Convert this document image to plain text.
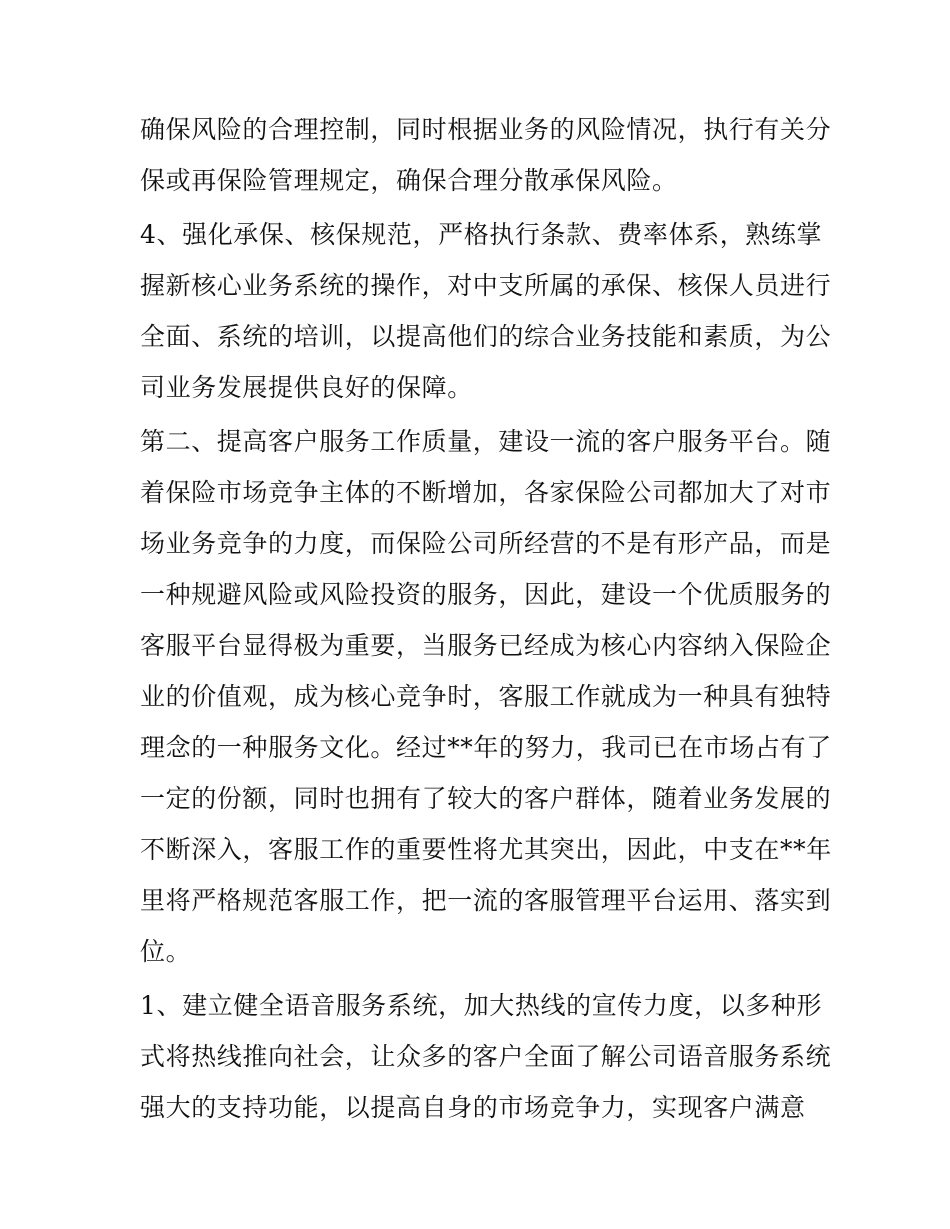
确保风险的合理控制，同时根据业务的风险情况，执行有关分
保或再保险管理规定，确保合理分散承保风险。
4、强化承保、核保规范，严格执行条款、费率体系，熟练掌
握新核心业务系统的操作，对中支所属的承保、核保人员进行
全面、系统的培训，以提高他们的综合业务技能和素质，为公
司业务发展提供良好的保障。
第二、提高客户服务工作质量，建设一流的客户服务平台。随
着保险市场竞争主体的不断增加，各家保险公司都加大了对市
场业务竞争的力度，而保险公司所经营的不是有形产品，而是
一种规避风险或风险投资的服务，因此，建设一个优质服务的
客服平台显得极为重要，当服务已经成为核心内容纳入保险企
业的价值观，成为核心竞争时，客服工作就成为一种具有独特
理念的一种服务文化。经过**年的努力，我司已在市场占有了
一定的份额，同时也拥有了较大的客户群体，随着业务发展的
不断深入，客服工作的重要性将尤其突出，因此，中支在**年
里将严格规范客服工作，把一流的客服管理平台运用、落实到
位。
1、建立健全语音服务系统，加大热线的宣传力度，以多种形
式将热线推向社会，让众多的客户全面了解公司语音服务系统
强大的支持功能，以提高自身的市场竞争力，实现客户满意
